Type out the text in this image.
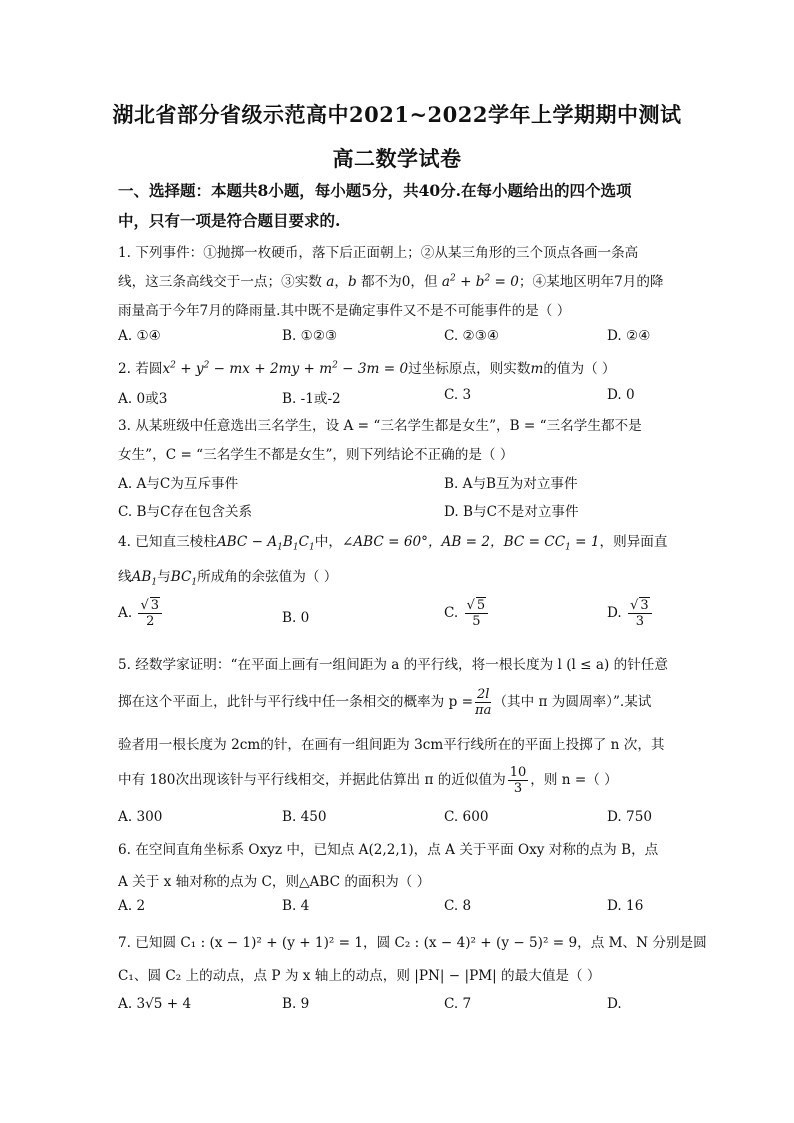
湖北省部分省级示范高中2021~2022学年上学期期中测试
高二数学试卷
一、选择题：本题共8小题，每小题5分，共40分.在每小题给出的四个选项
中，只有一项是符合题目要求的.
1. 下列事件：①抛掷一枚硬币，落下后正面朝上；②从某三角形的三个顶点各画一条高
线，这三条高线交于一点；③实数 a，b 都不为0，但 $a^2 + b^2 = 0$；④某地区明年7月的降
雨量高于今年7月的降雨量.其中既不是确定事件又不是不可能事件的是（ ）
A. ①④	B. ①②③	C. ②③④	D. ②④
2. 若圆$x^2 + y^2$ − mx + $2my + m^2 - 3m = 0$过坐标原点，则实数m的值为（ ）
A. 0或3	B. -1或-2	C. 3	D. 0
3. 从某班级中任意选出三名学生，设 A = “三名学生都是女生”，B = “三名学生都不是
女生”，C = “三名学生不都是女生”，则下列结论不正确的是（ ）
A. A与C为互斥事件	B. A与B互为对立事件
C. B与C存在包含关系	D. B与C不是对立事件
4. 已知直三棱柱ABC − $A_1B_1C_1$中，∠ABC = 60°，AB = 2，BC = $CC_1 = 1$，则异面直
线$AB_1$与$BC_1$所成角的余弦值为（ ）
A. $\frac{√ 3}{2}$	B. 0	C. $\frac{√ 5}{5}$	D. $\frac{√ 3}{3}$
5. 经数学家证明：“在平面上画有一组间距为 a 的平行线，将一根长度为 l (l ≤ a) 的针任意
掷在这个平面上，此针与平行线中任一条相交的概率为 $p = \frac{2l}{\pi a}$ （其中 π 为圆周率）”.某试
验者用一根长度为 2cm的针，在画有一组间距为 3cm平行线所在的平面上投掷了 n 次，其
中有 180次出现该针与平行线相交，并据此估算出 π 的近似值为 $\frac{10}{3}$ ，则 n =（ ）
A. 300	B. 450	C. 600	D. 750
6. 在空间直角坐标系 Oxyz 中，已知点 A(2,2,1)，点 A 关于平面 Oxy 对称的点为 B，点
A 关于 x 轴对称的点为 C，则△ABC 的面积为（ ）
A. 2	B. 4	C. 8	D. 16
7. 已知圆 C₁ : (x − 1)² + (y + 1)² = 1，圆 C₂ : (x − 4)² + (y − 5)² = 9，点 M、N 分别是圆
C₁、圆 C₂ 上的动点，点 P 为 x 轴上的动点，则 |PN| − |PM| 的最大值是（ ）
A. 3√5 + 4	B. 9	C. 7	D.
